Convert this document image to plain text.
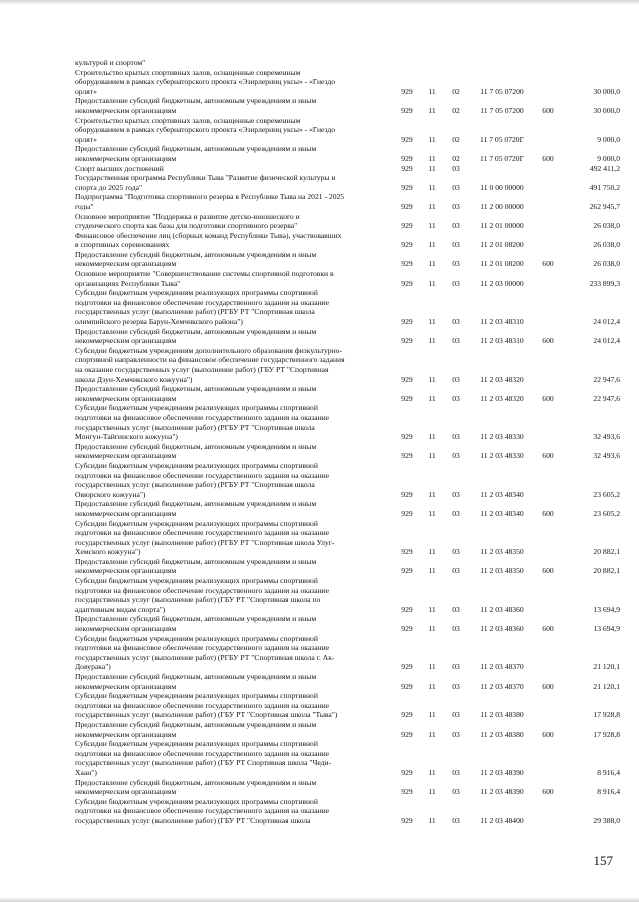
культурой и спортом"
Строительство крытых спортивных залов, оснащенные современным
оборудованием в рамках губернаторского проекта «Эзирлерниң уксы» - «Гнездо
орлят»	929	11	02	11 7 05 07200	30 000,0
Предоставление субсидий бюджетным, автономным учреждениям и иным
некоммерческим организациям	929	11	02	11 7 05 07200	600	30 000,0
Строительство крытых спортивных залов, оснащенные современным
оборудованием в рамках губернаторского проекта «Эзирлерниң уксы» - «Гнездо
орлят»	929	11	02	11 7 05 0720Г	9 000,0
Предоставление субсидий бюджетным, автономным учреждениям и иным
некоммерческим организациям	929	11	02	11 7 05 0720Г	600	9 000,0
Спорт высших достижений	929	11	03	492 411,2
Государственная программа Республики Тыва "Развитие физической культуры и
спорта до 2025 года"	929	11	03	11 0 00 00000	491 750,2
Подпрограмма "Подготовка спортивного резерва в Республике Тыва на 2021 - 2025
годы"	929	11	03	11 2 00 00000	262 945,7
Основное мероприятие "Поддержка и развитие детско-юношеского и
студенческого спорта как базы для подготовки спортивного резерва"	929	11	03	11 2 01 00000	26 038,0
Финансовое обеспечение лиц (сборных команд Республики Тыва), участвовавших
в спортивных соревнованиях	929	11	03	11 2 01 08200	26 038,0
Предоставление субсидий бюджетным, автономным учреждениям и иным
некоммерческим организациям	929	11	03	11 2 01 08200	600	26 038,0
Основное мероприятие "Совершенствование системы спортивной подготовки в
организациях Республики Тыва"	929	11	03	11 2 03 00000	233 899,3
Субсидии бюджетным учреждениям реализующих программы спортивной
подготовки на финансовое обеспечение государственного задания на оказание
государственных услуг (выполнение работ) (РГБУ РТ "Спортивная школа
олимпийского резерва Барун-Хемчикского района")	929	11	03	11 2 03 48310	24 012,4
Предоставление субсидий бюджетным, автономным учреждениям и иным
некоммерческим организациям	929	11	03	11 2 03 48310	600	24 012,4
Субсидии бюджетным учреждениям дополнительного образования физкультурно-
спортивной направленности на финансовое обеспечение государственного задания
на оказание государственных услуг (выполнение работ) (ГБУ РТ "Спортивная
школа Дзун-Хемчикского кожууна")	929	11	03	11 2 03 48320	22 947,6
Предоставление субсидий бюджетным, автономным учреждениям и иным
некоммерческим организациям	929	11	03	11 2 03 48320	600	22 947,6
Субсидии бюджетным учреждениям реализующих программы спортивной
подготовки на финансовое обеспечение государственного задания на оказание
государственных услуг (выполнение работ) (РГБУ РТ "Спортивная школа
Монгун-Тайгинского кожууна")	929	11	03	11 2 03 48330	32 493,6
Предоставление субсидий бюджетным, автономным учреждениям и иным
некоммерческим организациям	929	11	03	11 2 03 48330	600	32 493,6
Субсидии бюджетным учреждениям реализующих программы спортивной
подготовки на финансовое обеспечение государственного задания на оказание
государственных услуг (выполнение работ) (РГБУ РТ "Спортивная школа
Овюрского кожууна")	929	11	03	11 2 03 48340	23 605,2
Предоставление субсидий бюджетным, автономным учреждениям и иным
некоммерческим организациям	929	11	03	11 2 03 48340	600	23 605,2
Субсидии бюджетным учреждениям реализующих программы спортивной
подготовки на финансовое обеспечение государственного задания на оказание
государственных услуг (выполнение работ) (РГБУ РТ "Спортивная школа Улуг-
Хемского кожууна")	929	11	03	11 2 03 48350	20 882,1
Предоставление субсидий бюджетным, автономным учреждениям и иным
некоммерческим организациям	929	11	03	11 2 03 48350	600	20 882,1
Субсидии бюджетным учреждениям реализующих программы спортивной
подготовки на финансовое обеспечение государственного задания на оказание
государственных услуг (выполнение работ) (ГБУ РТ "Спортивная школа по
адаптивным видам спорта")	929	11	03	11 2 03 48360	13 694,9
Предоставление субсидий бюджетным, автономным учреждениям и иным
некоммерческим организациям	929	11	03	11 2 03 48360	600	13 694,9
Субсидии бюджетным учреждениям реализующих программы спортивной
подготовки на финансовое обеспечение государственного задания на оказание
государственных услуг (выполнение работ) (РГБУ РТ "Спортивная школа г. Ак-
Довурака")	929	11	03	11 2 03 48370	21 120,1
Предоставление субсидий бюджетным, автономным учреждениям и иным
некоммерческим организациям	929	11	03	11 2 03 48370	600	21 120,1
Субсидии бюджетным учреждениям реализующих программы спортивной
подготовки на финансовое обеспечение государственного задания на оказание
государственных услуг (выполнение работ) (ГБУ РТ "Спортивная школа "Тыва")	929	11	03	11 2 03 48380	17 928,8
Предоставление субсидий бюджетным, автономным учреждениям и иным
некоммерческим организациям	929	11	03	11 2 03 48380	600	17 928,8
Субсидии бюджетным учреждениям реализующих программы спортивной
подготовки на финансовое обеспечение государственного задания на оказание
государственных услуг (выполнение работ) (ГБУ РТ Спортивная школа "Чеди-
Хаан")	929	11	03	11 2 03 48390	8 916,4
Предоставление субсидий бюджетным, автономным учреждениям и иным
некоммерческим организациям	929	11	03	11 2 03 48390	600	8 916,4
Субсидии бюджетным учреждениям реализующих программы спортивной
подготовки на финансовое обеспечение государственного задания на оказание
государственных услуг (выполнение работ) (ГБУ РТ "Спортивная школа	929	11	03	11 2 03 48400	29 388,0
157
